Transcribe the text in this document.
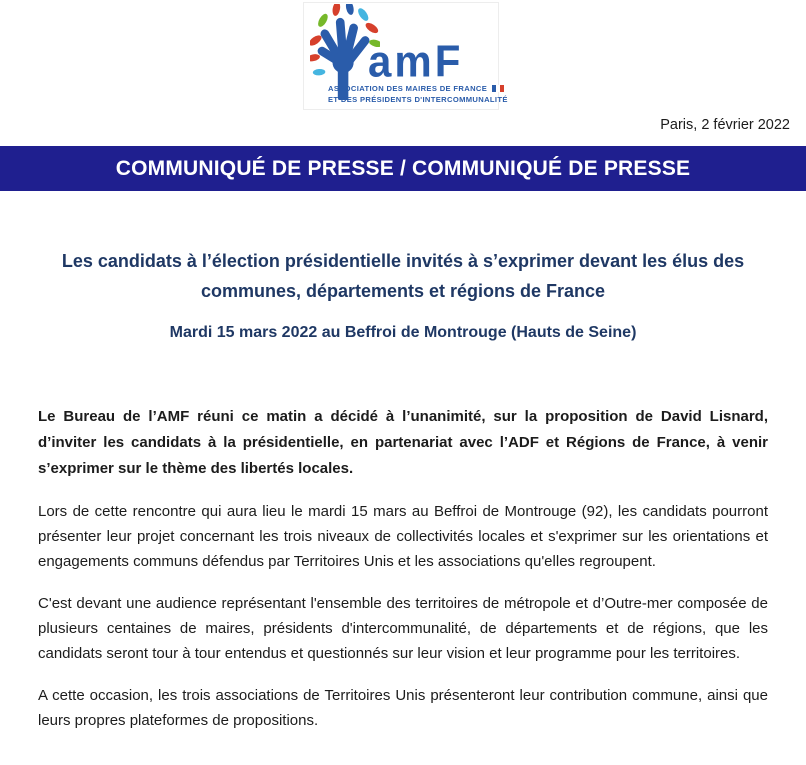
amF
ASSOCIATION DES MAIRES DE FRANCE
ET DES PRÉSIDENTS D'INTERCOMMUNALITÉ
Paris, 2 février 2022
COMMUNIQUÉ DE PRESSE / COMMUNIQUÉ DE PRESSE
Les candidats à l’élection présidentielle invités à s’exprimer devant les élus des communes, départements et régions de France
Mardi 15 mars 2022 au Beffroi de Montrouge (Hauts de Seine)

Le Bureau de l’AMF réuni ce matin a décidé à l’unanimité, sur la proposition de David Lisnard, d’inviter les candidats à la présidentielle, en partenariat avec l’ADF et Régions de France, à venir s’exprimer sur le thème des libertés locales.

Lors de cette rencontre qui aura lieu le mardi 15 mars au Beffroi de Montrouge (92), les candidats pourront présenter leur projet concernant les trois niveaux de collectivités locales et s'exprimer sur les orientations et engagements communs défendus par Territoires Unis et les associations qu'elles regroupent.

C'est devant une audience représentant l'ensemble des territoires de métropole et d’Outre-mer composée de plusieurs centaines de maires, présidents d'intercommunalité, de départements et de régions, que les candidats seront tour à tour entendus et questionnés sur leur vision et leur programme pour les territoires.

A cette occasion, les trois associations de Territoires Unis présenteront leur contribution commune, ainsi que leurs propres plateformes de propositions.
